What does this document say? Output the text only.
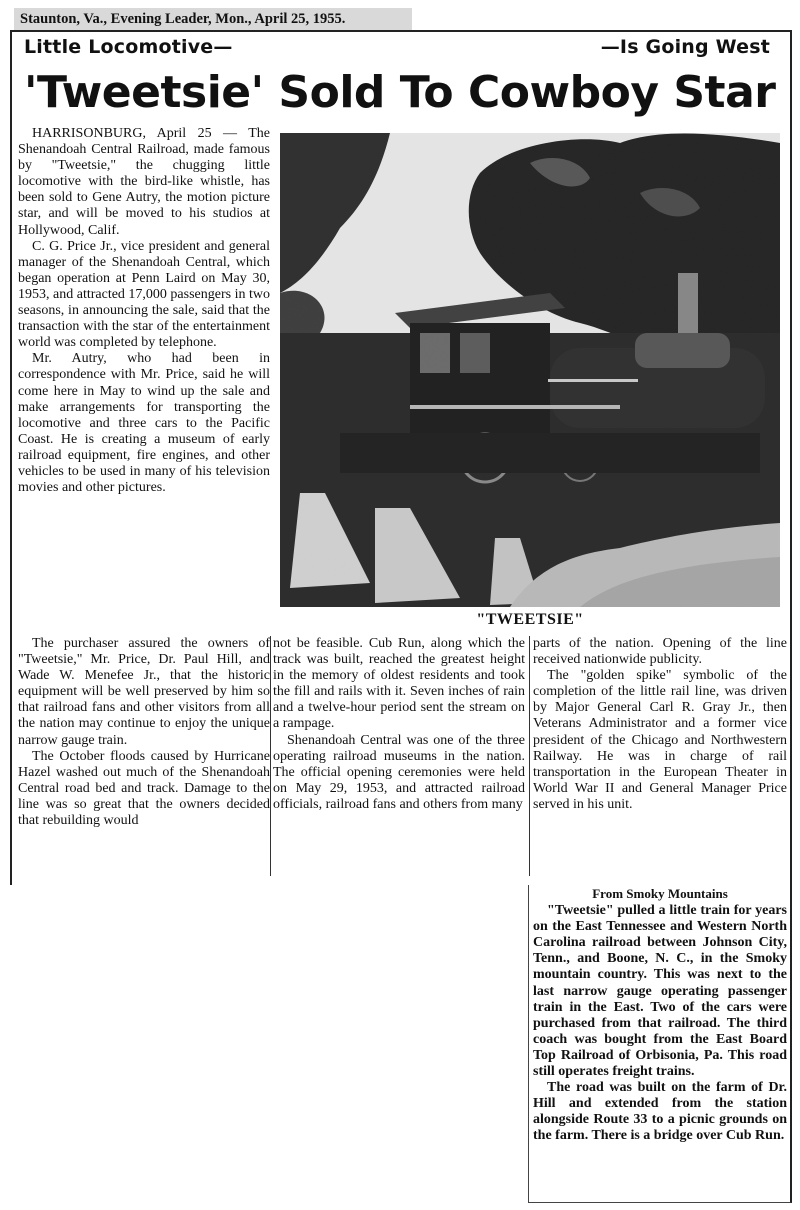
Staunton, Va., Evening Leader, Mon., April 25, 1955.
Little Locomotive—	—Is Going West
'Tweetsie' Sold To Cowboy Star

HARRISONBURG, April 25 — The Shenandoah Central Railroad, made famous by "Tweetsie," the chugging little locomotive with the bird-like whistle, has been sold to Gene Autry, the motion picture star, and will be moved to his studios at Hollywood, Calif.

C. G. Price Jr., vice president and general manager of the Shenandoah Central, which began operation at Penn Laird on May 30, 1953, and attracted 17,000 passengers in two seasons, in announcing the sale, said that the transaction with the star of the entertainment world was completed by telephone.

Mr. Autry, who had been in correspondence with Mr. Price, said he will come here in May to wind up the sale and make arrangements for transporting the locomotive and three cars to the Pacific Coast. He is creating a museum of early railroad equipment, fire engines, and other vehicles to be used in many of his television movies and other pictures.

"TWEETSIE"

The purchaser assured the owners of "Tweetsie," Mr. Price, Dr. Paul Hill, and Wade W. Menefee Jr., that the historic equipment will be well preserved by him so that railroad fans and other visitors from all the nation may continue to enjoy the unique narrow gauge train.

The October floods caused by Hurricane Hazel washed out much of the Shenandoah Central road bed and track. Damage to the line was so great that the owners decided that rebuilding would

not be feasible. Cub Run, along which the track was built, reached the greatest height in the memory of oldest residents and took the fill and rails with it. Seven inches of rain and a twelve-hour period sent the stream on a rampage.

Shenandoah Central was one of the three operating railroad museums in the nation. The official opening ceremonies were held on May 29, 1953, and attracted railroad officials, railroad fans and others from many

parts of the nation. Opening of the line received nationwide publicity.

The "golden spike" symbolic of the completion of the little rail line, was driven by Major General Carl R. Gray Jr., then Veterans Administrator and a former vice president of the Chicago and Northwestern Railway. He was in charge of rail transportation in the European Theater in World War II and General Manager Price served in his unit.

From Smoky Mountains

"Tweetsie" pulled a little train for years on the East Tennessee and Western North Carolina railroad between Johnson City, Tenn., and Boone, N. C., in the Smoky mountain country. This was next to the last narrow gauge operating passenger train in the East. Two of the cars were purchased from that railroad. The third coach was bought from the East Board Top Railroad of Orbisonia, Pa. This road still operates freight trains.

The road was built on the farm of Dr. Hill and extended from the station alongside Route 33 to a picnic grounds on the farm. There is a bridge over Cub Run.
